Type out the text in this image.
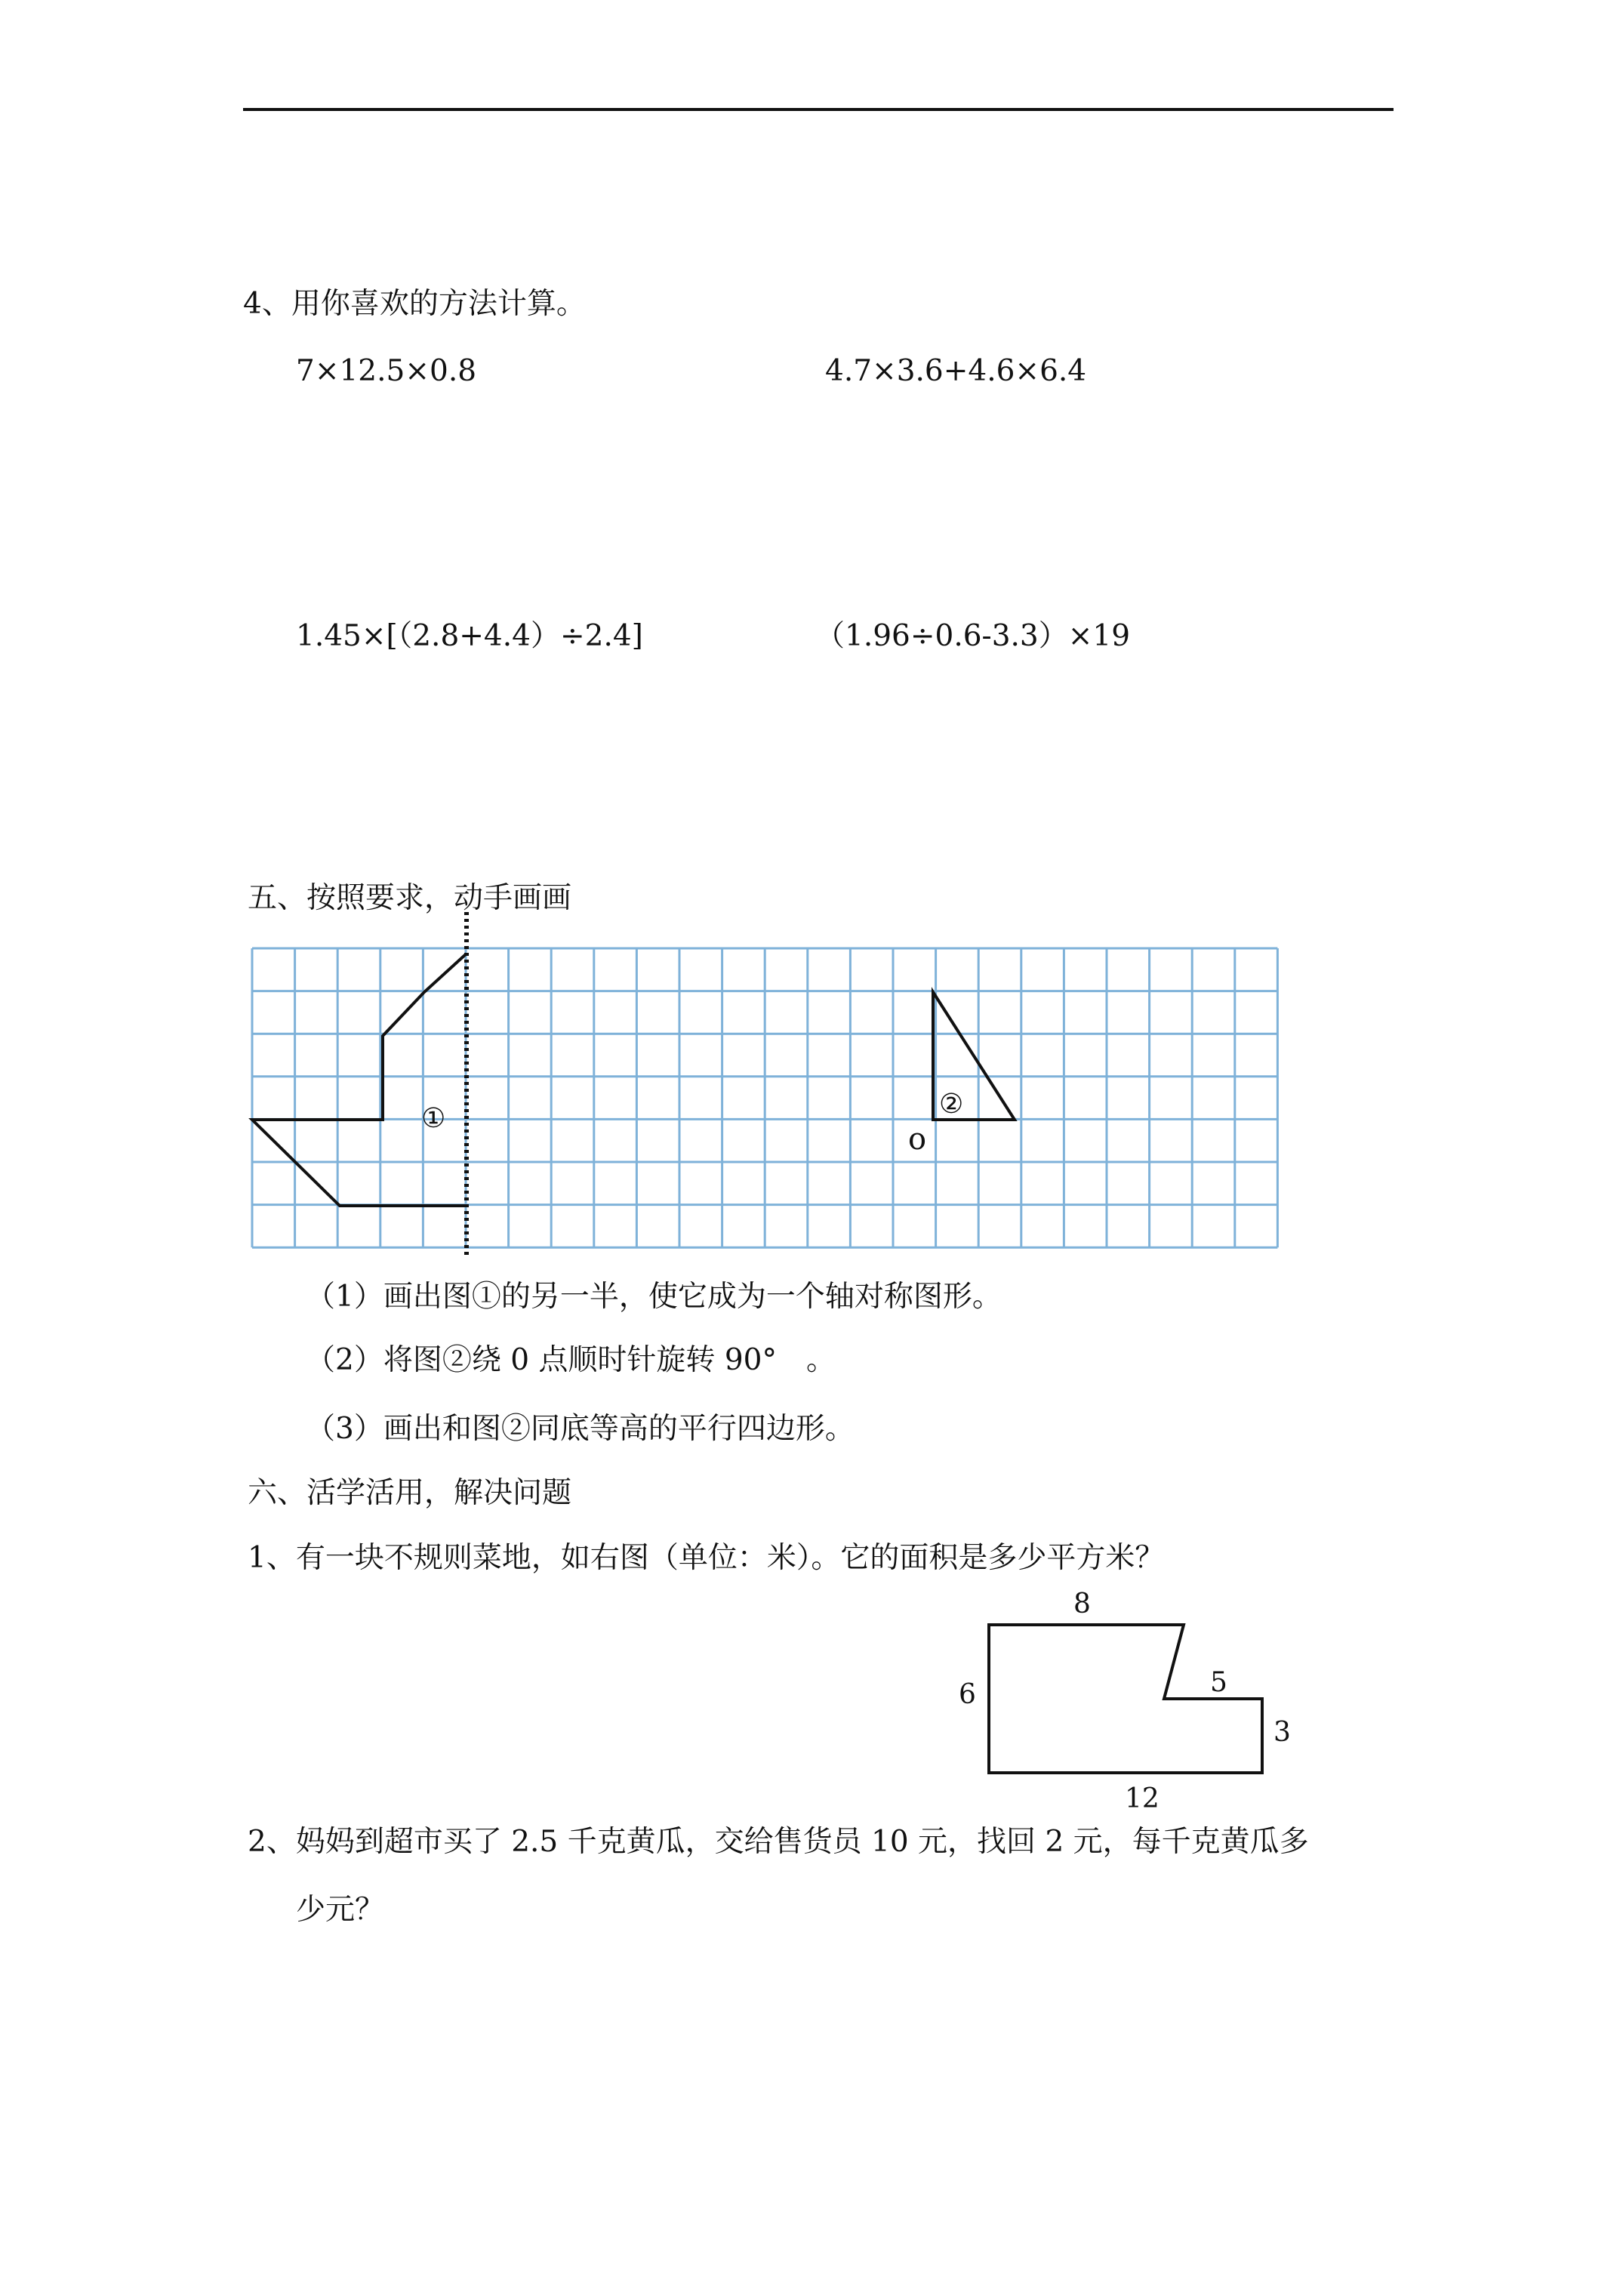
4、用你喜欢的方法计算。
7×12.5×0.8	4.7×3.6+4.6×6.4
1.45×[（2.8+4.4）÷2.4]	（1.96÷0.6-3.3）×19
五、按照要求，动手画画
①	②
o
8
6	5
3
12
（1）画出图①的另一半，使它成为一个轴对称图形。
（2）将图②绕 0 点顺时针旋转 90°　。
（3）画出和图②同底等高的平行四边形。
六、活学活用，解决问题
1、有一块不规则菜地，如右图（单位：米）。它的面积是多少平方米？
2、妈妈到超市买了 2.5 千克黄瓜，交给售货员 10 元，找回 2 元，每千克黄瓜多
少元？
